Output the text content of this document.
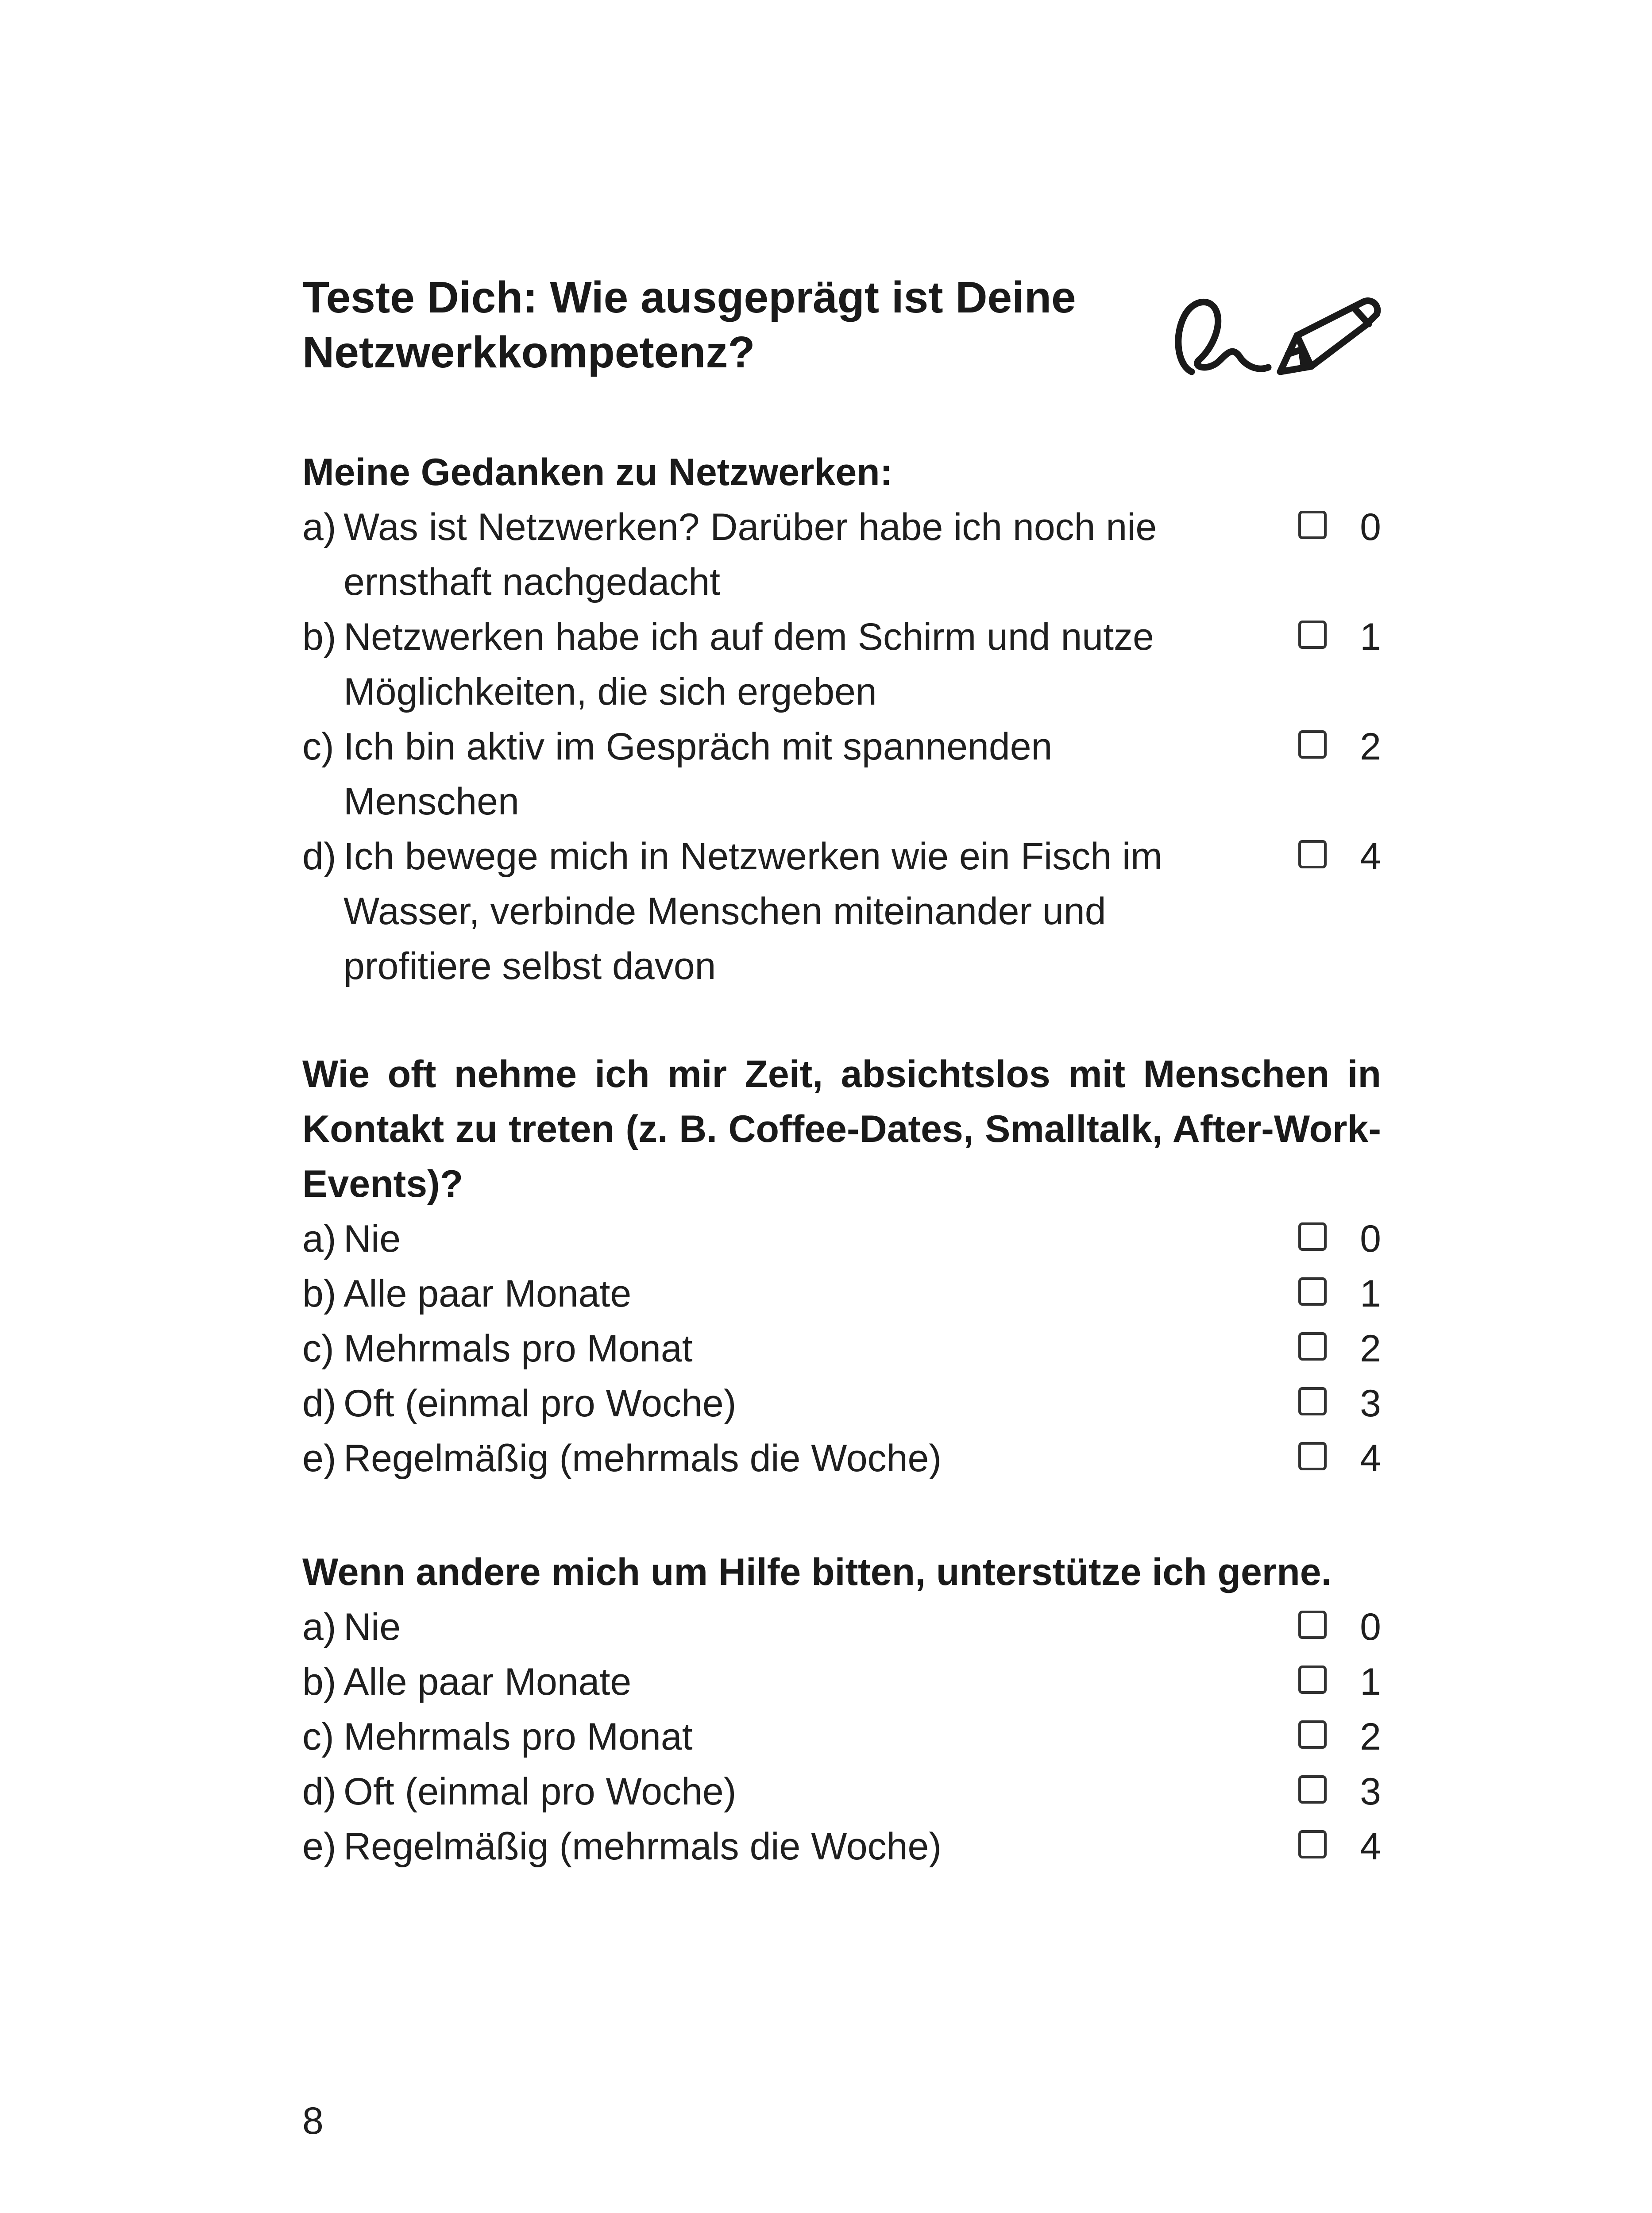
Teste Dich: Wie ausgeprägt ist Deine
Netzwerkkompetenz?

Meine Gedanken zu Netzwerken:

a) Was ist Netzwerken? Darüber habe ich noch nie ernsthaft nachgedacht
0
b) Netzwerken habe ich auf dem Schirm und nutze Möglichkeiten, die sich ergeben
1
c) Ich bin aktiv im Gespräch mit spannenden Menschen
2
d) Ich bewege mich in Netzwerken wie ein Fisch im Wasser, verbinde Menschen miteinander und profitiere selbst davon
4

Wie oft nehme ich mir Zeit, absichtslos mit Menschen in Kontakt zu treten (z. B. Coffee-Dates, Smalltalk, After-Work-Events)?

a) Nie	0
b) Alle paar Monate	1
c) Mehrmals pro Monat	2
d) Oft (einmal pro Woche)	3
e) Regelmäßig (mehrmals die Woche)	4

Wenn andere mich um Hilfe bitten, unterstütze ich gerne.

a) Nie	0
b) Alle paar Monate	1
c) Mehrmals pro Monat	2
d) Oft (einmal pro Woche)	3
e) Regelmäßig (mehrmals die Woche)	4
8
